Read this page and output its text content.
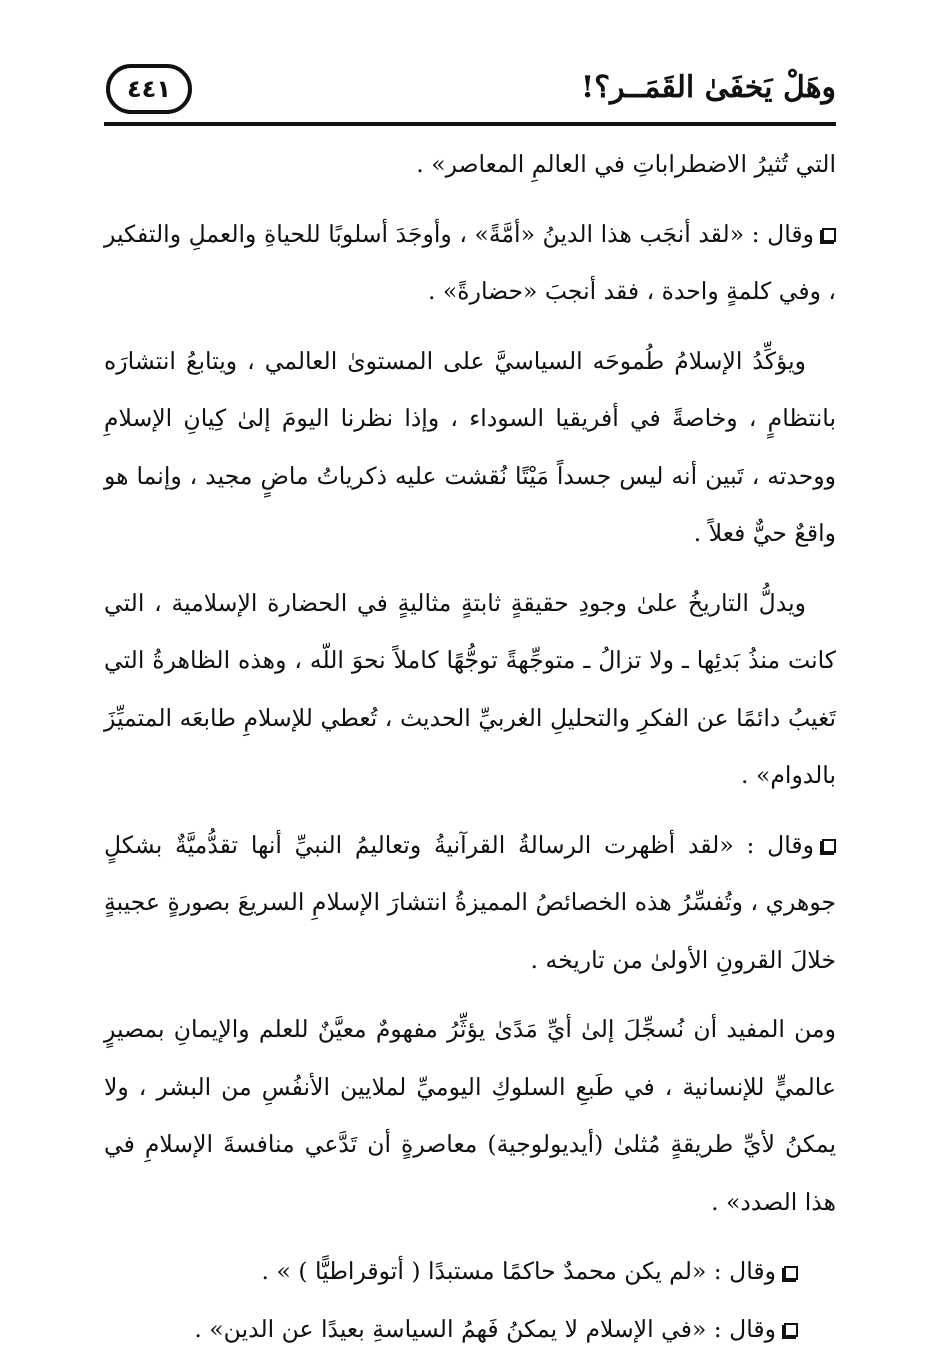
وهَلْ يَخفَىٰ القَمَــر؟!
٤٤١

التي تُثيرُ الاضطراباتِ في العالمِ المعاصر» .

وقال : «لقد أنجَب هذا الدينُ «أمَّةً» ، وأوجَدَ أسلوبًا للحياةِ والعملِ والتفكير ، وفي كلمةٍ واحدة ، فقد أنجبَ «حضارةً» .

ويؤكِّدُ الإسلامُ طُموحَه السياسيَّ على المستوىٰ العالمي ، ويتابعُ انتشارَه بانتظامٍ ، وخاصةً في أفريقيا السوداء ، وإذا نظرنا اليومَ إلىٰ كِيانِ الإسلامِ ووحدته ، تَبين أنه ليس جسداً مَيْتًا نُقشت عليه ذكرياتُ ماضٍ مجيد ، وإنما هو واقعٌ حيٌّ فعلاً .

ويدلُّ التاريخُ علىٰ وجودِ حقيقةٍ ثابتةٍ مثاليةٍ في الحضارة الإسلامية ، التي كانت منذُ بَدئِها ـ ولا تزالُ ـ متوجِّهةً توجُّهًا كاملاً نحوَ اللّه ، وهذه الظاهرةُ التي تَغيبُ دائمًا عن الفكرِ والتحليلِ الغربيِّ الحديث ، تُعطي للإسلامِ طابعَه المتميِّزَ بالدوام» .

وقال : «لقد أظهرت الرسالةُ القرآنيةُ وتعاليمُ النبيِّ أنها تقدُّميَّةٌ بشكلٍ جوهري ، وتُفسِّرُ هذه الخصائصُ المميزةُ انتشارَ الإسلامِ السريعَ بصورةٍ عجيبةٍ خلالَ القرونِ الأولىٰ من تاريخه .

ومن المفيد أن نُسجِّلَ إلىٰ أيِّ مَدًىٰ يؤثِّرُ مفهومٌ معيَّنٌ للعلم والإيمانِ بمصيرٍ عالميٍّ للإنسانية ، في طَبعِ السلوكِ اليوميِّ لملايين الأنفُسِ من البشر ، ولا يمكنُ لأيِّ طريقةٍ مُثلىٰ (أيديولوجية) معاصرةٍ أن تَدَّعي منافسةَ الإسلامِ في هذا الصدد» .

وقال : «لم يكن محمدٌ حاكمًا مستبدًا ( أتوقراطيًّا ) » .

وقال : «في الإسلام لا يمكنُ فَهمُ السياسةِ بعيدًا عن الدين» .
